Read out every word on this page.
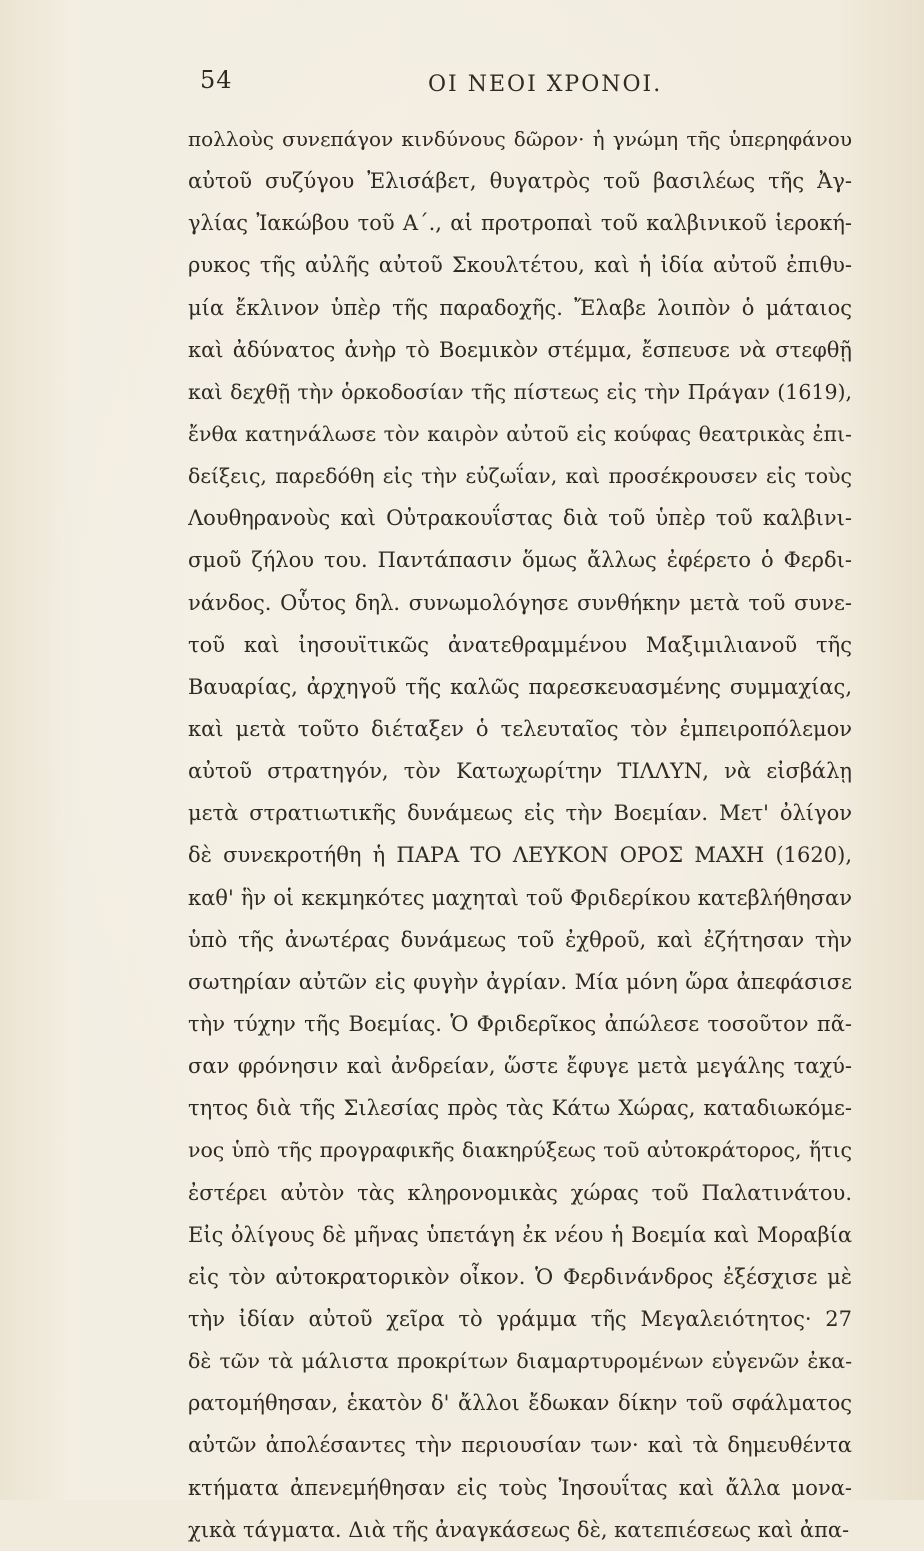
54	ΟΙ ΝΕΟΙ ΧΡΟΝΟΙ.
πολλοὺς συνεπάγον κινδύνους δῶρον· ἡ γνώμη τῆς ὑπερηφάνου
αὐτοῦ συζύγου Ἐλισάβετ, θυγατρὸς τοῦ βασιλέως τῆς Ἀγ-
γλίας Ἰακώβου τοῦ Α΄., αἱ προτροπαὶ τοῦ καλβινικοῦ ἱεροκή-
ρυκος τῆς αὐλῆς αὐτοῦ Σκουλτέτου, καὶ ἡ ἰδία αὐτοῦ ἐπιθυ-
μία ἔκλινον ὑπὲρ τῆς παραδοχῆς. Ἔλαβε λοιπὸν ὁ μάταιος
καὶ ἀδύνατος ἀνὴρ τὸ Βοεμικὸν στέμμα, ἔσπευσε νὰ στεφθῇ
καὶ δεχθῇ τὴν ὁρκοδοσίαν τῆς πίστεως εἰς τὴν Πράγαν (1619),
ἔνθα κατηνάλωσε τὸν καιρὸν αὐτοῦ εἰς κούφας θεατρικὰς ἐπι-
δείξεις, παρεδόθη εἰς τὴν εὐζωΐαν, καὶ προσέκρουσεν εἰς τοὺς
Λουθηρανοὺς καὶ Οὐτρακουΐστας διὰ τοῦ ὑπὲρ τοῦ καλβινι-
σμοῦ ζήλου του. Παντάπασιν ὅμως ἄλλως ἐφέρετο ὁ Φερδι-
νάνδος. Οὗτος δηλ. συνωμολόγησε συνθήκην μετὰ τοῦ συνε-
τοῦ καὶ ἰησουϊτικῶς ἀνατεθραμμένου Μαξιμιλιανοῦ τῆς
Βαυαρίας, ἀρχηγοῦ τῆς καλῶς παρεσκευασμένης συμμαχίας,
καὶ μετὰ τοῦτο διέταξεν ὁ τελευταῖος τὸν ἐμπειροπόλεμον
αὐτοῦ στρατηγόν, τὸν Κατωχωρίτην ΤΙΛΛΥΝ, νὰ εἰσβάλῃ
μετὰ στρατιωτικῆς δυνάμεως εἰς τὴν Βοεμίαν. Μετ' ὀλίγον
δὲ συνεκροτήθη ἡ ΠΑΡΑ ΤΟ ΛΕΥΚΟΝ ΟΡΟΣ ΜΑΧΗ (1620),
καθ' ἣν οἱ κεκμηκότες μαχηταὶ τοῦ Φριδερίκου κατεβλήθησαν
ὑπὸ τῆς ἀνωτέρας δυνάμεως τοῦ ἐχθροῦ, καὶ ἐζήτησαν τὴν
σωτηρίαν αὐτῶν εἰς φυγὴν ἀγρίαν. Μία μόνη ὥρα ἀπεφάσισε
τὴν τύχην τῆς Βοεμίας. Ὁ Φριδερῖκος ἀπώλεσε τοσοῦτον πᾶ-
σαν φρόνησιν καὶ ἀνδρείαν, ὥστε ἔφυγε μετὰ μεγάλης ταχύ-
τητος διὰ τῆς Σιλεσίας πρὸς τὰς Κάτω Χώρας, καταδιωκόμε-
νος ὑπὸ τῆς προγραφικῆς διακηρύξεως τοῦ αὐτοκράτορος, ἥτις
ἐστέρει αὐτὸν τὰς κληρονομικὰς χώρας τοῦ Παλατινάτου.
Εἰς ὀλίγους δὲ μῆνας ὑπετάγη ἐκ νέου ἡ Βοεμία καὶ Μοραβία
εἰς τὸν αὐτοκρατορικὸν οἶκον. Ὁ Φερδινάνδρος ἐξέσχισε μὲ
τὴν ἰδίαν αὐτοῦ χεῖρα τὸ γράμμα τῆς Μεγαλειότητος· 27
δὲ τῶν τὰ μάλιστα προκρίτων διαμαρτυρομένων εὐγενῶν ἐκα-
ρατομήθησαν, ἑκατὸν δ' ἄλλοι ἔδωκαν δίκην τοῦ σφάλματος
αὐτῶν ἀπολέσαντες τὴν περιουσίαν των· καὶ τὰ δημευθέντα
κτήματα ἀπενεμήθησαν εἰς τοὺς Ἰησουΐτας καὶ ἄλλα μονα-
χικὰ τάγματα. Διὰ τῆς ἀναγκάσεως δὲ, κατεπιέσεως καὶ ἀπα-
